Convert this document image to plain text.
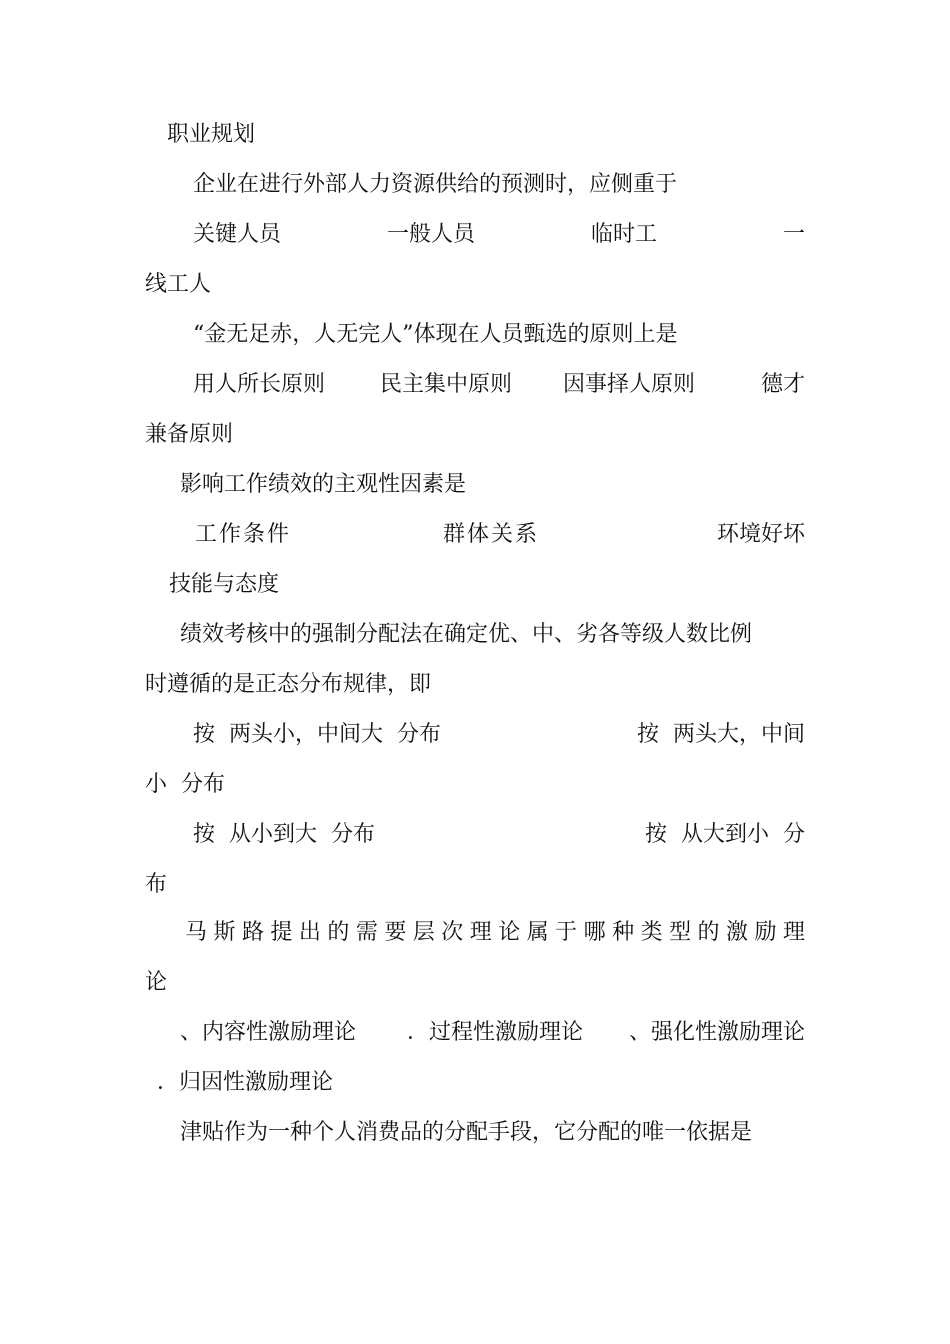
职业规划
企业在进行外部人力资源供给的预测时，应侧重于
关键人员	一般人员	临时工	一
线工人
“金无足赤，人无完人”体现在人员甄选的原则上是
用人所长原则 民主集中原则 因事择人原则	德才
兼备原则
影响工作绩效的主观性因素是
工作条件	群体关系	环境好坏
技能与态度
绩效考核中的强制分配法在确定优、中、劣各等级人数比例
时遵循的是正态分布规律，即
按  两头小，中间大  分布	按  两头大，中间
小  分布
按  从小到大  分布	按  从大到小  分
布
马斯路提出的需要层次理论属于哪种类型的激励理
论
、内容性激励理论 ．过程性激励理论 、强化性激励理论
．归因性激励理论
津贴作为一种个人消费品的分配手段，它分配的唯一依据是
